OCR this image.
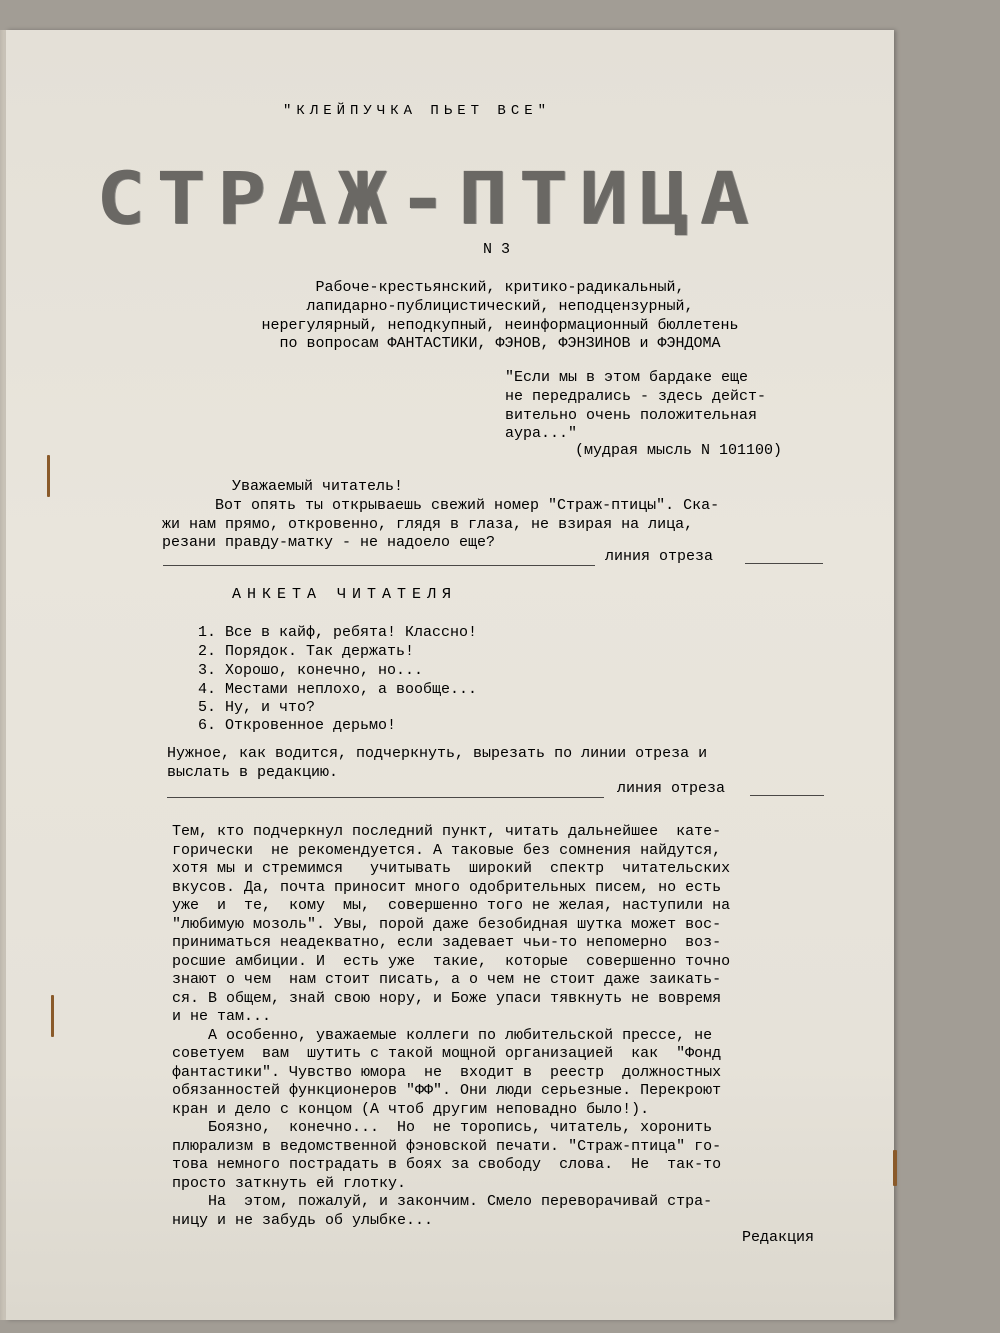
"КЛЕЙПУЧКА ПЬЕТ ВСЕ"
СТРАЖ-ПТИЦА
N 3
Рабоче-крестьянский, критико-радикальный,
лапидарно-публицистический, неподцензурный,
нерегулярный, неподкупный, неинформационный бюллетень
по вопросам ФАНТАСТИКИ, ФЭНОВ, ФЭНЗИНОВ и ФЭНДОМА
"Если мы в этом бардаке еще
не передрались - здесь дейст-
вительно очень положительная
аура..."
(мудрая мысль N 101100)
Уважаемый читатель!
Вот опять ты открываешь свежий номер "Страж-птицы". Ска-
жи нам прямо, откровенно, глядя в глаза, не взирая на лица,
резани правду-матку - не надоело еще?
линия отреза
АНКЕТА ЧИТАТЕЛЯ
1. Все в кайф, ребята! Классно!
2. Порядок. Так держать!
3. Хорошо, конечно, но...
4. Местами неплохо, а вообще...
5. Ну, и что?
6. Откровенное дерьмо!
Нужное, как водится, подчеркнуть, вырезать по линии отреза и
выслать в редакцию.
линия отреза
Тем, кто подчеркнул последний пункт, читать дальнейшее  кате-
горически  не рекомендуется. А таковые без сомнения найдутся,
хотя мы и стремимся   учитывать  широкий  спектр  читательских
вкусов. Да, почта приносит много одобрительных писем, но есть
уже  и  те,  кому  мы,  совершенно того не желая, наступили на
"любимую мозоль". Увы, порой даже безобидная шутка может вос-
приниматься неадекватно, если задевает чьи-то непомерно  воз-
росшие амбиции. И  есть уже  такие,  которые  совершенно точно
знают о чем  нам стоит писать, а о чем не стоит даже заикать-
ся. В общем, знай свою нору, и Боже упаси тявкнуть не вовремя
и не там...
А особенно, уважаемые коллеги по любительской прессе, не
советуем  вам  шутить с такой мощной организацией  как  "Фонд
фантастики". Чувство юмора  не  входит в  реестр  должностных
обязанностей функционеров "ФФ". Они люди серьезные. Перекроют
кран и дело с концом (А чтоб другим неповадно было!).
Боязно,  конечно...  Но  не торопись, читатель, хоронить
плюрализм в ведомственной фэновской печати. "Страж-птица" го-
това немного пострадать в боях за свободу  слова.  Не  так-то
просто заткнуть ей глотку.
На  этом, пожалуй, и закончим. Смело переворачивай стра-
ницу и не забудь об улыбке...
Редакция
